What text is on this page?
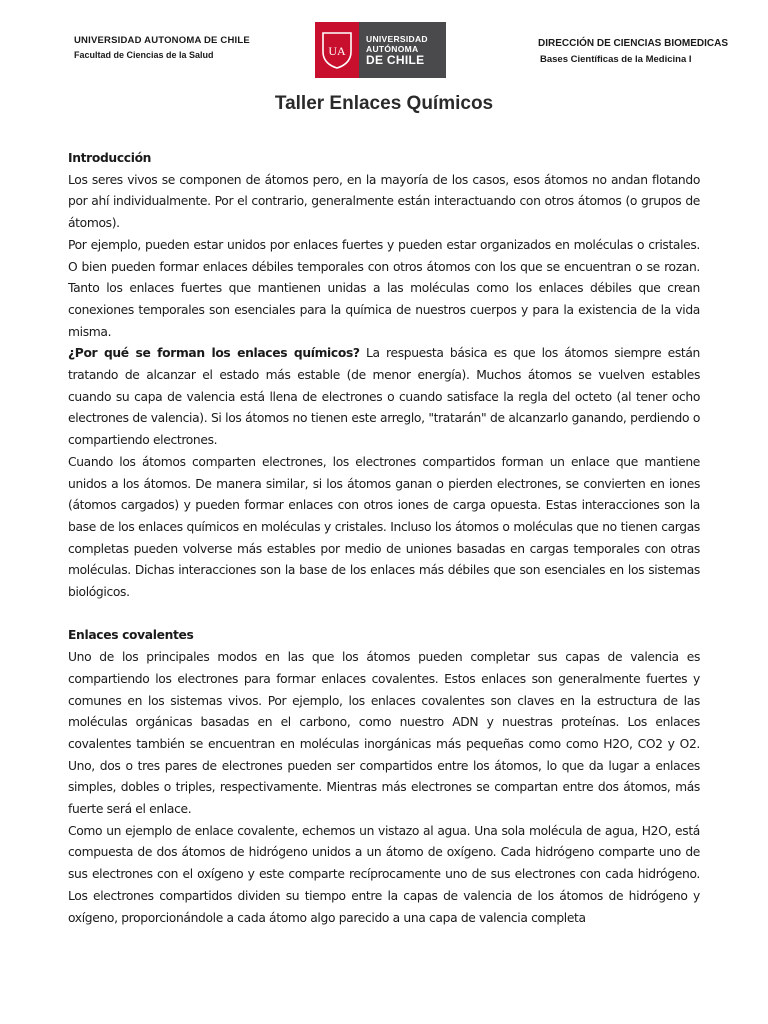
UNIVERSIDAD AUTONOMA DE CHILE
Facultad de Ciencias de la Salud	UA
UNIVERSIDAD
AUTÓNOMA
DE CHILE
DIRECCIÓN DE CIENCIAS BIOMEDICAS
Bases Científicas de la Medicina I
Taller Enlaces Químicos

Introducción

Los seres vivos se componen de átomos pero, en la mayoría de los casos, esos átomos no andan flotando por ahí individualmente. Por el contrario, generalmente están interactuando con otros átomos (o grupos de átomos).

Por ejemplo, pueden estar unidos por enlaces fuertes y pueden estar organizados en moléculas o cristales. O bien pueden formar enlaces débiles temporales con otros átomos con los que se encuentran o se rozan. Tanto los enlaces fuertes que mantienen unidas a las moléculas como los enlaces débiles que crean conexiones temporales son esenciales para la química de nuestros cuerpos y para la existencia de la vida misma.

¿Por qué se forman los enlaces químicos? La respuesta básica es que los átomos siempre están tratando de alcanzar el estado más estable (de menor energía). Muchos átomos se vuelven estables cuando su capa de valencia está llena de electrones o cuando satisface la regla del octeto (al tener ocho electrones de valencia). Si los átomos no tienen este arreglo, "tratarán" de alcanzarlo ganando, perdiendo o compartiendo electrones.

Cuando los átomos comparten electrones, los electrones compartidos forman un enlace que mantiene unidos a los átomos. De manera similar, si los átomos ganan o pierden electrones, se convierten en iones (átomos cargados) y pueden formar enlaces con otros iones de carga opuesta. Estas interacciones son la base de los enlaces químicos en moléculas y cristales. Incluso los átomos o moléculas que no tienen cargas completas pueden volverse más estables por medio de uniones basadas en cargas temporales con otras moléculas. Dichas interacciones son la base de los enlaces más débiles que son esenciales en los sistemas biológicos.

Enlaces covalentes

Uno de los principales modos en las que los átomos pueden completar sus capas de valencia es compartiendo los electrones para formar enlaces covalentes. Estos enlaces son generalmente fuertes y comunes en los sistemas vivos. Por ejemplo, los enlaces covalentes son claves en la estructura de las moléculas orgánicas basadas en el carbono, como nuestro ADN y nuestras proteínas. Los enlaces covalentes también se encuentran en moléculas inorgánicas más pequeñas como como H2O, CO2 y O2. Uno, dos o tres pares de electrones pueden ser compartidos entre los átomos, lo que da lugar a enlaces simples, dobles o triples, respectivamente. Mientras más electrones se compartan entre dos átomos, más fuerte será el enlace.

Como un ejemplo de enlace covalente, echemos un vistazo al agua. Una sola molécula de agua, H2O, está compuesta de dos átomos de hidrógeno unidos a un átomo de oxígeno. Cada hidrógeno comparte uno de sus electrones con el oxígeno y este comparte recíprocamente uno de sus electrones con cada hidrógeno. Los electrones compartidos dividen su tiempo entre la capas de valencia de los átomos de hidrógeno y oxígeno, proporcionándole a cada átomo algo parecido a una capa de valencia completa
